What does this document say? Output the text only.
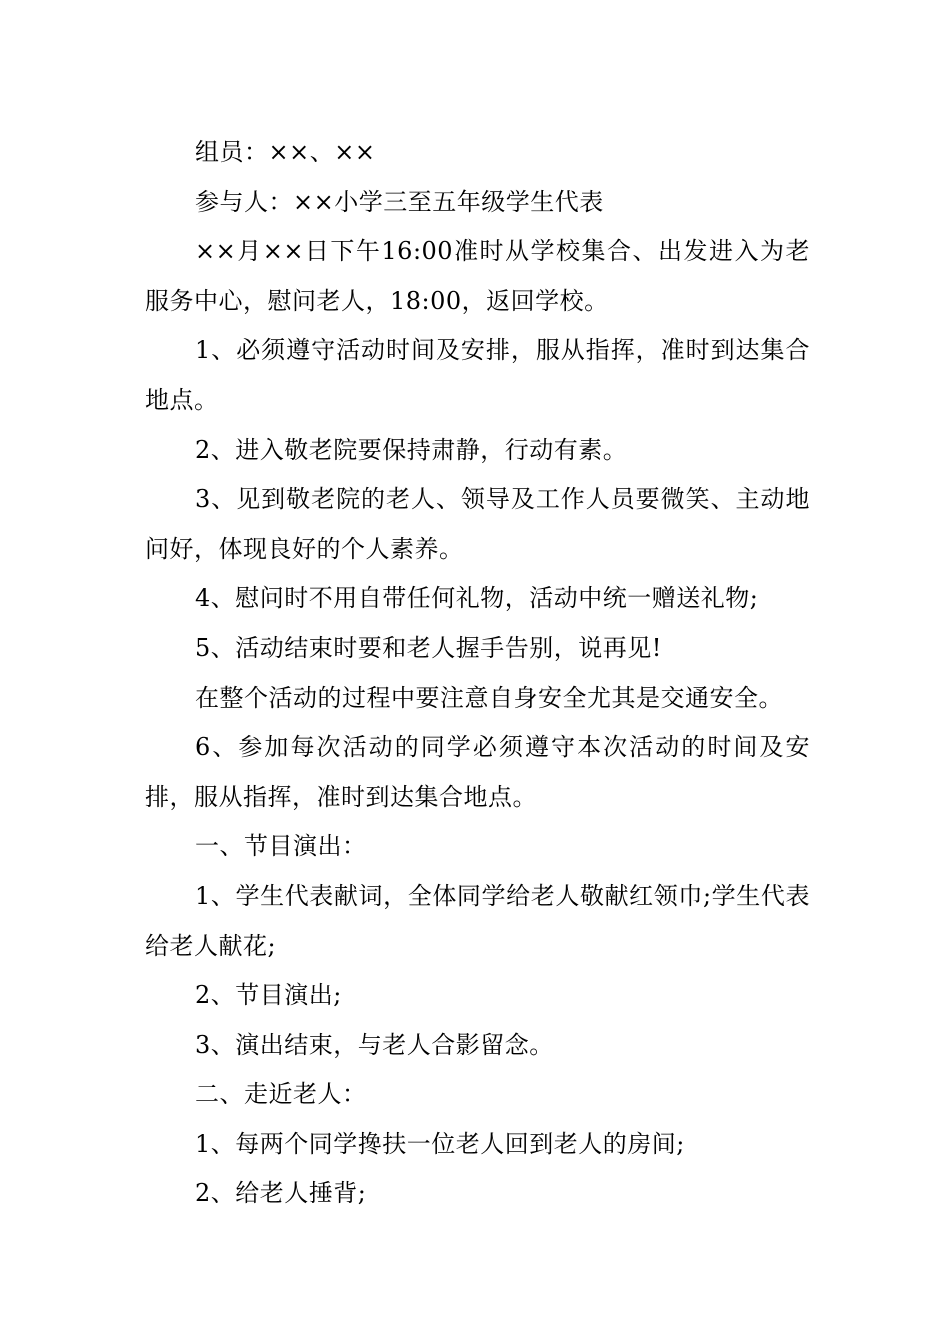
组员：××、××

参与人：××小学三至五年级学生代表

××月××日下午16:00准时从学校集合、出发进入为老服务中心，慰问老人，18:00，返回学校。

1、必须遵守活动时间及安排，服从指挥，准时到达集合地点。

2、进入敬老院要保持肃静，行动有素。

3、见到敬老院的老人、领导及工作人员要微笑、主动地问好，体现良好的个人素养。

4、慰问时不用自带任何礼物，活动中统一赠送礼物;

5、活动结束时要和老人握手告别，说再见!

在整个活动的过程中要注意自身安全尤其是交通安全。

6、参加每次活动的同学必须遵守本次活动的时间及安排，服从指挥，准时到达集合地点。

一、节目演出：

1、学生代表献词，全体同学给老人敬献红领巾;学生代表给老人献花;

2、节目演出;

3、演出结束，与老人合影留念。

二、走近老人：

1、每两个同学搀扶一位老人回到老人的房间;

2、给老人捶背;
